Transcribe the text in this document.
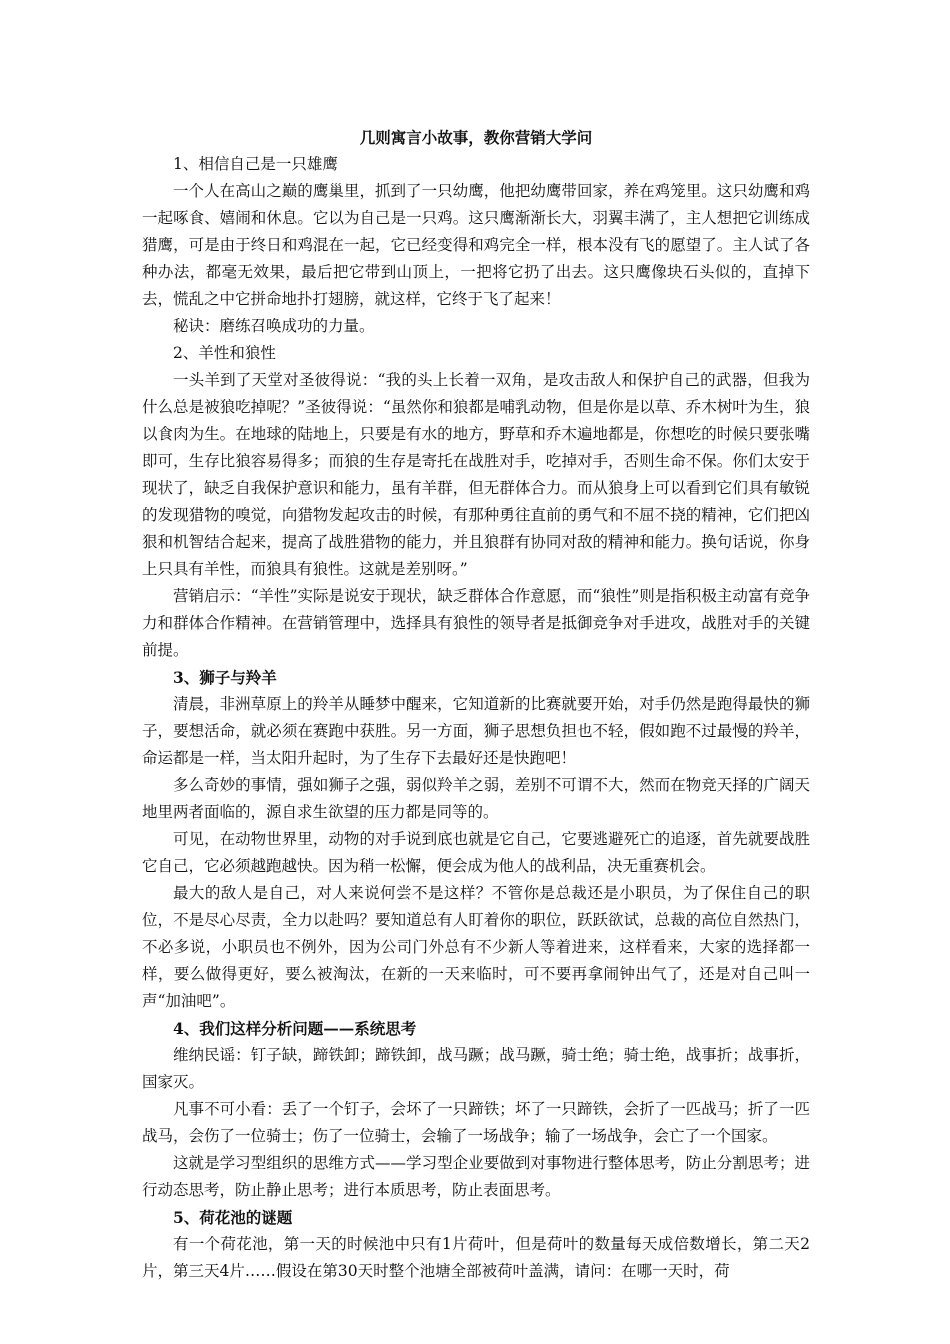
几则寓言小故事，教你营销大学问

1、相信自己是一只雄鹰

一个人在高山之巅的鹰巢里，抓到了一只幼鹰，他把幼鹰带回家，养在鸡笼里。这只幼鹰和鸡一起啄食、嬉闹和休息。它以为自己是一只鸡。这只鹰渐渐长大，羽翼丰满了，主人想把它训练成猎鹰，可是由于终日和鸡混在一起，它已经变得和鸡完全一样，根本没有飞的愿望了。主人试了各种办法，都毫无效果，最后把它带到山顶上，一把将它扔了出去。这只鹰像块石头似的，直掉下去，慌乱之中它拼命地扑打翅膀，就这样，它终于飞了起来！

秘诀：磨练召唤成功的力量。

2、羊性和狼性

一头羊到了天堂对圣彼得说：“我的头上长着一双角，是攻击敌人和保护自己的武器，但我为什么总是被狼吃掉呢？”圣彼得说：“虽然你和狼都是哺乳动物，但是你是以草、乔木树叶为生，狼以食肉为生。在地球的陆地上，只要是有水的地方，野草和乔木遍地都是，你想吃的时候只要张嘴即可，生存比狼容易得多；而狼的生存是寄托在战胜对手，吃掉对手，否则生命不保。你们太安于现状了，缺乏自我保护意识和能力，虽有羊群，但无群体合力。而从狼身上可以看到它们具有敏锐的发现猎物的嗅觉，向猎物发起攻击的时候，有那种勇往直前的勇气和不屈不挠的精神，它们把凶狠和机智结合起来，提高了战胜猎物的能力，并且狼群有协同对敌的精神和能力。换句话说，你身上只具有羊性，而狼具有狼性。这就是差别呀。”

营销启示：“羊性”实际是说安于现状，缺乏群体合作意愿，而“狼性”则是指积极主动富有竞争力和群体合作精神。在营销管理中，选择具有狼性的领导者是抵御竞争对手进攻，战胜对手的关键前提。

3、狮子与羚羊

清晨，非洲草原上的羚羊从睡梦中醒来，它知道新的比赛就要开始，对手仍然是跑得最快的狮子，要想活命，就必须在赛跑中获胜。另一方面，狮子思想负担也不轻，假如跑不过最慢的羚羊，命运都是一样，当太阳升起时，为了生存下去最好还是快跑吧！

多么奇妙的事情，强如狮子之强，弱似羚羊之弱，差别不可谓不大，然而在物竞天择的广阔天地里两者面临的，源自求生欲望的压力都是同等的。

可见，在动物世界里，动物的对手说到底也就是它自己，它要逃避死亡的追逐，首先就要战胜它自己，它必须越跑越快。因为稍一松懈，便会成为他人的战利品，决无重赛机会。

最大的敌人是自己，对人来说何尝不是这样？不管你是总裁还是小职员，为了保住自己的职位，不是尽心尽责，全力以赴吗？要知道总有人盯着你的职位，跃跃欲试，总裁的高位自然热门，不必多说，小职员也不例外，因为公司门外总有不少新人等着进来，这样看来，大家的选择都一样，要么做得更好，要么被淘汰，在新的一天来临时，可不要再拿闹钟出气了，还是对自己叫一声“加油吧”。

4、我们这样分析问题——系统思考

维纳民谣：钉子缺，蹄铁卸；蹄铁卸，战马蹶；战马蹶，骑士绝；骑士绝，战事折；战事折，国家灭。

凡事不可小看：丢了一个钉子，会坏了一只蹄铁；坏了一只蹄铁，会折了一匹战马；折了一匹战马，会伤了一位骑士；伤了一位骑士，会输了一场战争；输了一场战争，会亡了一个国家。

这就是学习型组织的思维方式——学习型企业要做到对事物进行整体思考，防止分割思考；进行动态思考，防止静止思考；进行本质思考，防止表面思考。

5、荷花池的谜题

有一个荷花池，第一天的时候池中只有1片荷叶，但是荷叶的数量每天成倍数增长，第二天2片，第三天4片……假设在第30天时整个池塘全部被荷叶盖满，请问：在哪一天时，荷
